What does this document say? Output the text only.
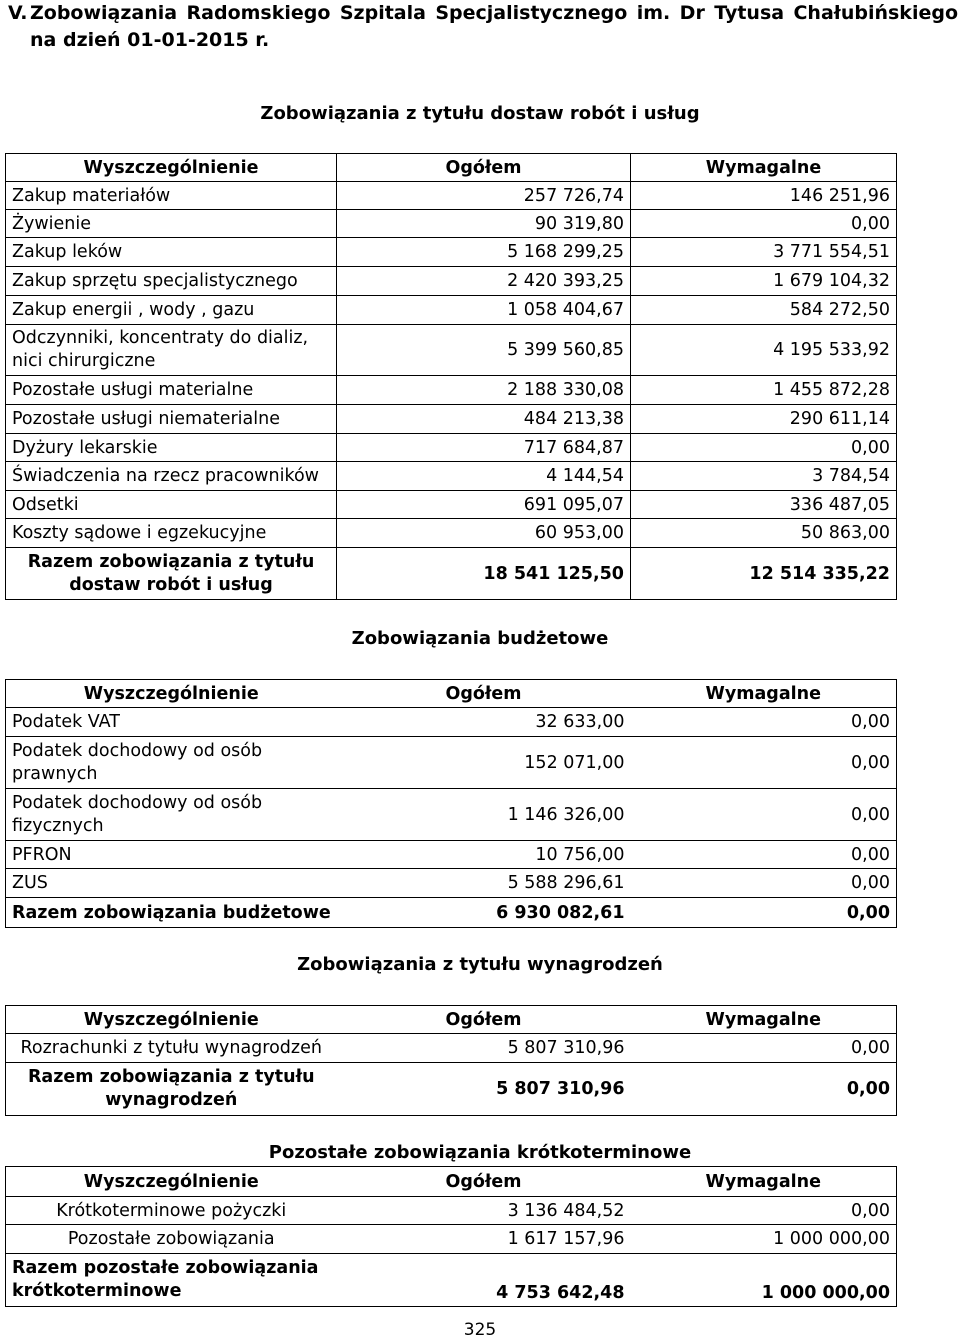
V. Zobowiązania Radomskiego Szpitala Specjalistycznego im. Dr Tytusa Chałubińskiego na dzień 01-01-2015 r.
Zobowiązania z tytułu dostaw robót i usług
Wyszczególnienie	Ogółem	Wymagalne
Zakup materiałów	257 726,74	146 251,96
Żywienie	90 319,80	0,00
Zakup leków	5 168 299,25	3 771 554,51
Zakup sprzętu specjalistycznego	2 420 393,25	1 679 104,32
Zakup energii , wody , gazu	1 058 404,67	584 272,50
Odczynniki, koncentraty do dializ, nici chirurgiczne	5 399 560,85	4 195 533,92
Pozostałe usługi materialne	2 188 330,08	1 455 872,28
Pozostałe usługi niematerialne	484 213,38	290 611,14
Dyżury lekarskie	717 684,87	0,00
Świadczenia na rzecz pracowników	4 144,54	3 784,54
Odsetki	691 095,07	336 487,05
Koszty sądowe i egzekucyjne	60 953,00	50 863,00
Razem zobowiązania z tytułu dostaw robót i usług	18 541 125,50	12 514 335,22
Zobowiązania budżetowe
Wyszczególnienie	Ogółem	Wymagalne
Podatek VAT	32 633,00	0,00
Podatek dochodowy od osób prawnych	152 071,00	0,00
Podatek dochodowy od osób fizycznych	1 146 326,00	0,00
PFRON	10 756,00	0,00
ZUS	5 588 296,61	0,00
Razem zobowiązania budżetowe	6 930 082,61	0,00
Zobowiązania z tytułu wynagrodzeń
Wyszczególnienie	Ogółem	Wymagalne
Rozrachunki z tytułu wynagrodzeń	5 807 310,96	0,00
Razem zobowiązania z tytułu wynagrodzeń	5 807 310,96	0,00
Pozostałe zobowiązania krótkoterminowe
Wyszczególnienie	Ogółem	Wymagalne
Krótkoterminowe pożyczki	3 136 484,52	0,00
Pozostałe zobowiązania	1 617 157,96	1 000 000,00
Razem pozostałe zobowiązania krótkoterminowe	4 753 642,48	1 000 000,00
325
